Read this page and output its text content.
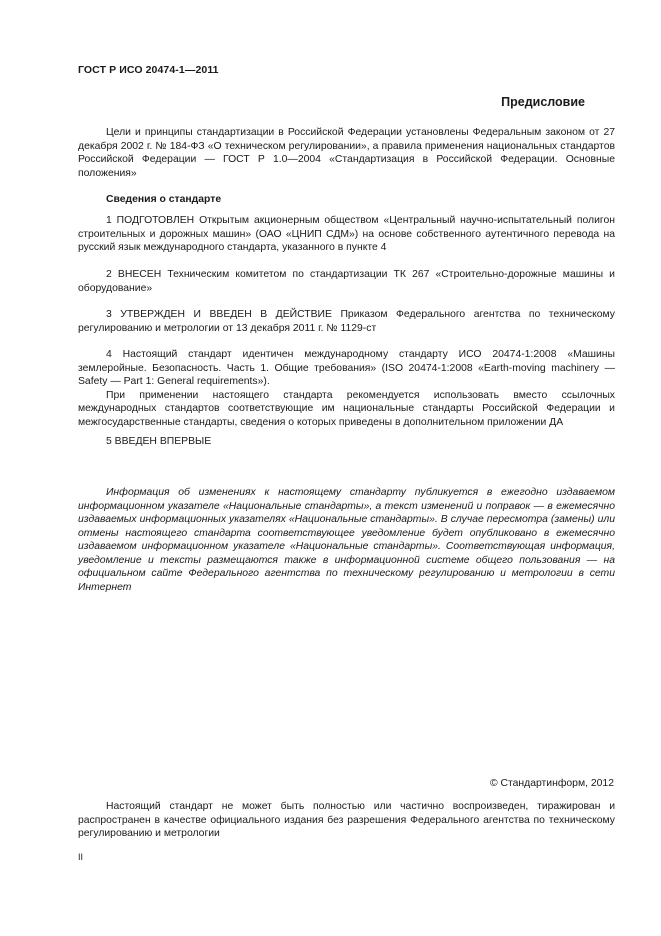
ГОСТ Р ИСО 20474-1—2011
Предисловие

Цели и принципы стандартизации в Российской Федерации установлены Федеральным законом от 27 декабря 2002 г. № 184-ФЗ «О техническом регулировании», а правила применения национальных стандартов Российской Федерации — ГОСТ Р 1.0—2004 «Стандартизация в Российской Федерации. Основные положения»

Сведения о стандарте

1 ПОДГОТОВЛЕН Открытым акционерным обществом «Центральный научно-испытательный полигон строительных и дорожных машин» (ОАО «ЦНИП СДМ») на основе собственного аутентичного перевода на русский язык международного стандарта, указанного в пункте 4

2 ВНЕСЕН Техническим комитетом по стандартизации ТК 267 «Строительно-дорожные машины и оборудование»

3 УТВЕРЖДЕН И ВВЕДЕН В ДЕЙСТВИЕ Приказом Федерального агентства по техническому регулированию и метрологии от 13 декабря 2011 г. № 1129-ст

4 Настоящий стандарт идентичен международному стандарту ИСО 20474-1:2008 «Машины землеройные. Безопасность. Часть 1. Общие требования» (ISO 20474-1:2008 «Earth-moving machinery — Safety — Part 1: General requirements»).

При применении настоящего стандарта рекомендуется использовать вместо ссылочных международных стандартов соответствующие им национальные стандарты Российской Федерации и межгосударственные стандарты, сведения о которых приведены в дополнительном приложении ДА

5 ВВЕДЕН ВПЕРВЫЕ

Информация об изменениях к настоящему стандарту публикуется в ежегодно издаваемом информационном указателе «Национальные стандарты», а текст изменений и поправок — в ежемесячно издаваемых информационных указателях «Национальные стандарты». В случае пересмотра (замены) или отмены настоящего стандарта соответствующее уведомление будет опубликовано в ежемесячно издаваемом информационном указателе «Национальные стандарты». Соответствующая информация, уведомление и тексты размещаются также в информационной системе общего пользования — на официальном сайте Федерального агентства по техническому регулированию и метрологии в сети Интернет

© Стандартинформ, 2012

Настоящий стандарт не может быть полностью или частично воспроизведен, тиражирован и распространен в качестве официального издания без разрешения Федерального агентства по техническому регулированию и метрологии

II
